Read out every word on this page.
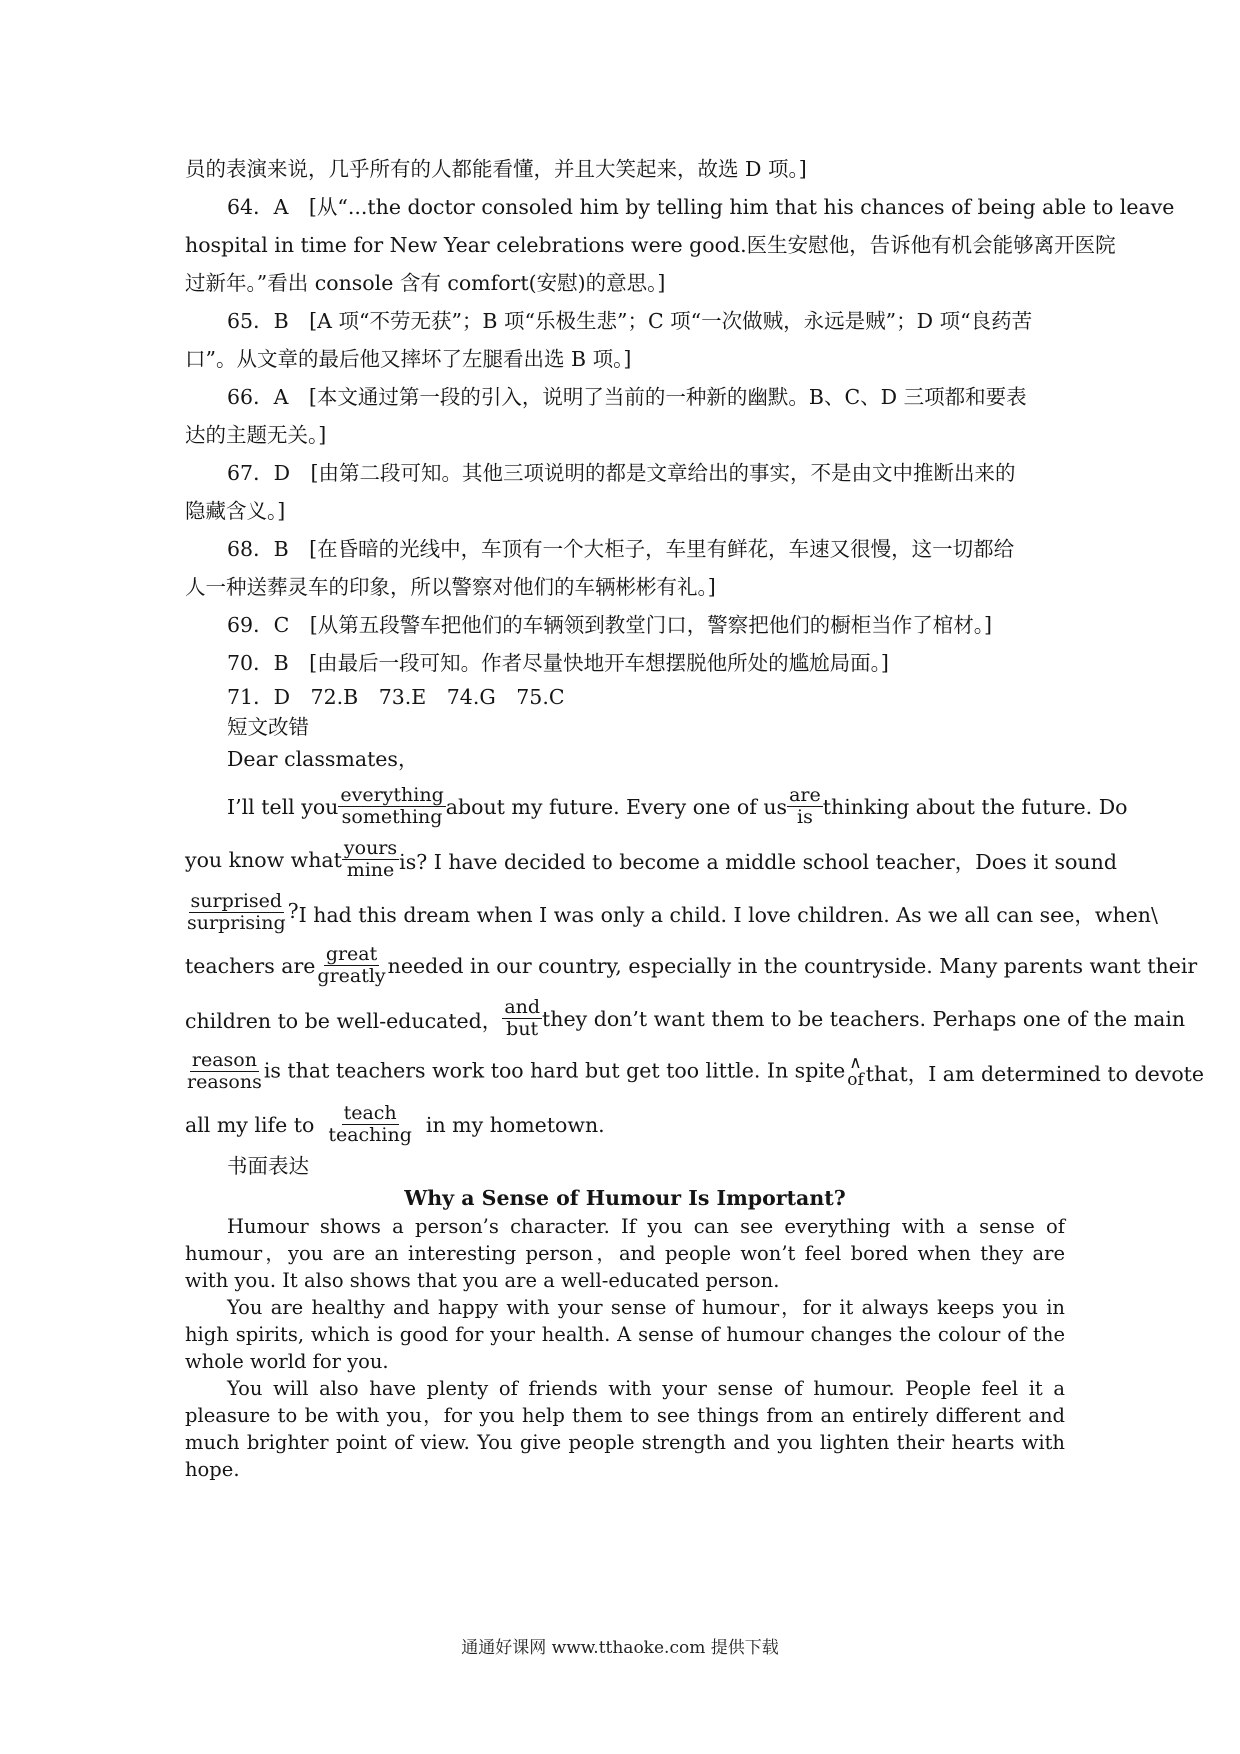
员的表演来说，几乎所有的人都能看懂，并且大笑起来，故选 D 项。]
64．A　 [从“...the doctor consoled him by telling him that his chances of being able to leave
hospital in time for New Year celebrations were good.医生安慰他，告诉他有机会能够离开医院
过新年。”看出 console 含有 comfort(安慰)的意思。]
65．B　[A 项“不劳无获”；B 项“乐极生悲”；C 项“一次做贼，永远是贼”；D 项“良药苦
口”。从文章的最后他又摔坏了左腿看出选 B 项。]
66．A　[本文通过第一段的引入，说明了当前的一种新的幽默。B、C、D 三项都和要表
达的主题无关。]
67．D　[由第二段可知。其他三项说明的都是文章给出的事实，不是由文中推断出来的
隐藏含义。]
68．B　[在昏暗的光线中，车顶有一个大柜子，车里有鲜花，车速又很慢，这一切都给
人一种送葬灵车的印象，所以警察对他们的车辆彬彬有礼。]
69．C　[从第五段警车把他们的车辆领到教堂门口，警察把他们的橱柜当作了棺材。]
70．B　[由最后一段可知。作者尽量快地开车想摆脱他所处的尴尬局面。]
71．D　72.B　73.E　74.G　75.C
短文改错
Dear classmates，
I’ll tell you $\frac{\text{everything}}{\text{something}}$ about my future. Every one of us $\frac{\text{are}}{is}$ thinking about the future. Do
you know what $\frac{\text{yours}}{\min e}$ is? I have decided to become a middle school teacher，Does it sound
$\frac{\text{surprised}}{\text{surprising}}$ ? I had this dream when I was only a child. I love children. As we all can see，when\
teachers are $\frac{\text{great}}{\text{greatly}}$ needed in our country, especially in the countryside. Many parents want their
children to be well-educated， $\frac{\text{and}}{\text{but}}$ they don’t want them to be teachers. Perhaps one of the main
$\frac{\text{reason}}{\text{reasons}}$ is that teachers work too hard but get too little. In spite ∧
of that，I am determined to devote
all my life to $\frac{\text{teach}}{\text{teaching}}$ in my hometown.
书面表达
Why a Sense of Humour Is Important?

Humour shows a person’s character. If you can see everything with a sense of humour，you are an interesting person，and people won’t feel bored when they are with you. It also shows that you are a well-educated person.

You are healthy and happy with your sense of humour，for it always keeps you in high spirits, which is good for your health. A sense of humour changes the colour of the whole world for you.

You will also have plenty of friends with your sense of humour. People feel it a pleasure to be with you，for you help them to see things from an entirely different and much brighter point of view. You give people strength and you lighten their hearts with hope.

通通好课网 www.tthaoke.com 提供下载
